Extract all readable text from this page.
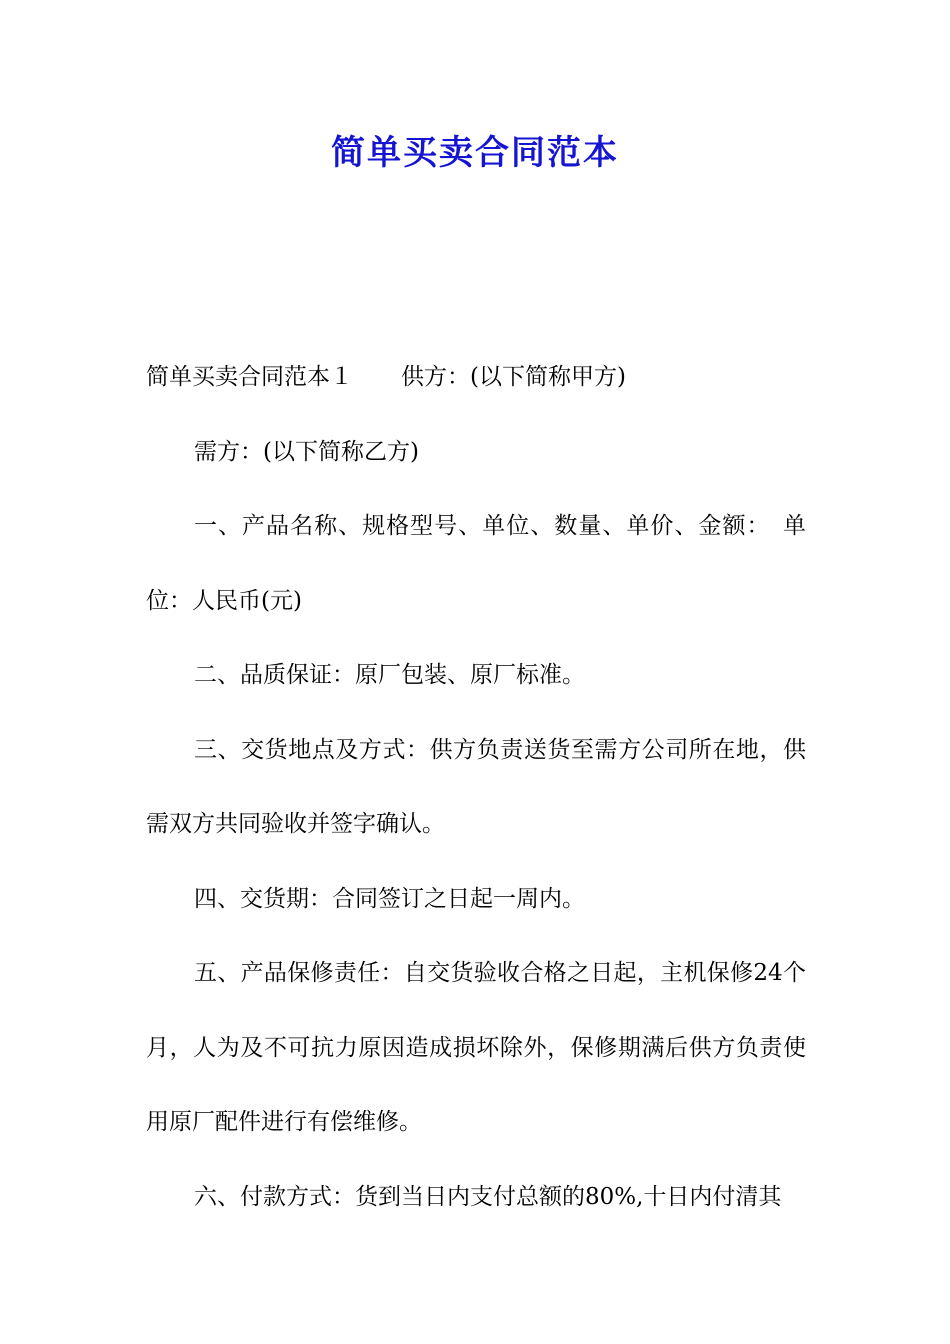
简单买卖合同范本

简单买卖合同范本１ 供方：(以下简称甲方)

需方：(以下简称乙方)

一、产品名称、规格型号、单位、数量、单价、金额：　单位：人民币(元)

二、品质保证：原厂包装、原厂标准。

三、交货地点及方式：供方负责送货至需方公司所在地，供需双方共同验收并签字确认。

四、交货期：合同签订之日起一周内。

五、产品保修责任：自交货验收合格之日起，主机保修24个月，人为及不可抗力原因造成损坏除外，保修期满后供方负责使用原厂配件进行有偿维修。

六、付款方式：货到当日内支付总额的80%,十日内付清其
